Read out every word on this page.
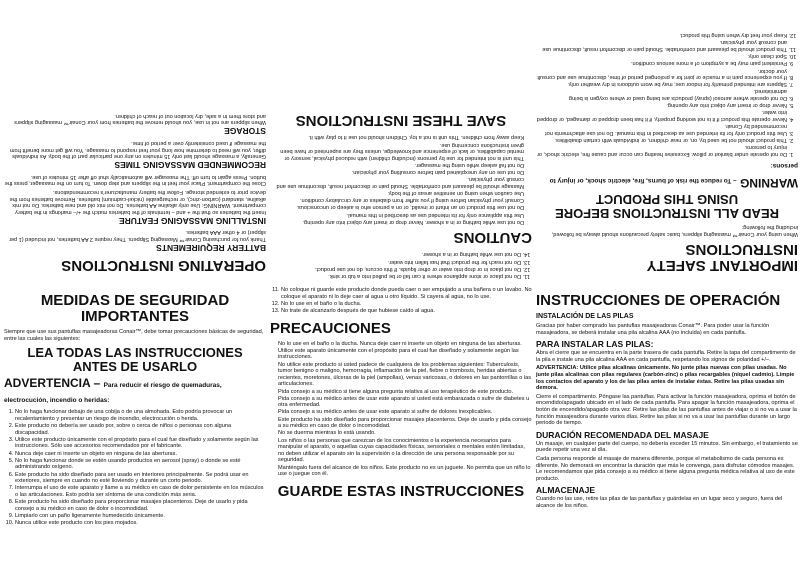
IMPORTANT SAFETY INSTRUCTIONS
When using your Conair™ massaging slippers, basic safety precautions should always be followed, including the following:
READ ALL INSTRUCTIONS BEFORE USING THIS PRODUCT
WARNING – To reduce the risk of burns, fire, electric shock, or injury to persons:
1. Do not operate under blanket or pillow. Excessive heating can occur and cause fire, electric shock, or injury to persons.
2. This product should not be used by, on, or near children, or individuals with certain disabilities.
3. Use this product only for its intended use as described in this manual. Do not use attachments not recommended by Conair.
4. Never operate this product if it is not working properly, if it has been dropped or damaged, or dropped into water.
5. Never drop or insert any object into any opening.
6. Do not operate where aerosol (spray) products are being used or where oxygen is being administered.
7. Slippers are intended primarily for indoor use; may be worn outdoors in dry weather only.
8. If you experience pain in a muscle or joint for a prolonged period of time, discontinue use and consult your doctor.
9. Persistent pain may be a symptom of a more serious condition.
10. Spot clean only.
11. This product should be pleasant and comfortable. Should pain or discomfort result, discontinue use and consult your physician.
12. Keep your feet dry when using this product.
11. Do not place or store appliance where it can fall or be pulled into a tub or sink.
12. Do not place in or drop into water or other liquids. If this occurs, do not use product.
13. Do not reach for the product that has fallen into water.
14. Do not use while bathing or in a shower.
CAUTIONS
• Do not use while bathing or in a shower. Never drop or insert any object into any opening.
• Use this appliance only for its intended use as described in this manual.
• Do not use this product on an infant or invalid, or on a person who is asleep or unconscious.
• Consult your physician before using if you suffer from diabetes or any circulatory condition.
• Use caution when using on sensitive areas of the body.
• Massage should be pleasant and comfortable. Should pain or discomfort result, discontinue use and consult your physician.
• Do not use on any unexplained pain before consulting your physician.
• Do not fall asleep while using the massager.
• This unit is not intended for use by persons (including children) with reduced physical, sensory or mental capabilities, or lack of experience and knowledge, unless they are supervised or have been given instructions concerning use.
• Keep away from children. This unit is not a toy. Children should not use it to play with it.
SAVE THESE INSTRUCTIONS
OPERATING INSTRUCTIONS
BATTERY REQUIREMENTS
Thank you for purchasing Conair™ Massaging Slippers. They require 2 AA batteries, not included (1 per slipper) or 4 other AAA batteries.
INSTALLING MASSAGING FEATURE
Insert the batteries so that the + and – terminals of the batteries match the +/– markings in the battery compartment. WARNING: Use only alkaline AA batteries. Do not mix old and new batteries. Do not mix alkaline, standard (carbon-zinc), or rechargeable (nickel-cadmium) batteries. Remove batteries from the device prior to extended storage. Follow the battery manufacturer's recommendations.
Close the compartment. Place your feet in the slippers and step down. To turn on the massager, press the button. Press again to turn off. The massager will automatically shut off after 15 minutes of use.
RECOMMENDED MASSAGING TIMES
Generally, a massage should last only 15 minutes on any one particular part of the body. As individuals differ, you will need to determine how long your feet respond to massage. You will get more benefit from the massage if used consistently over a period of time.
STORAGE
When slippers are not in use, you should remove the batteries from your Conair™ massaging slippers and store them in a safe, dry location out of reach of children.
MEDIDAS DE SEGURIDAD IMPORTANTES
Siempre que use sus pantuflas masajeadoras Conair™, debe tomar precauciones básicas de seguridad, entre las cuales las siguientes:
LEA TODAS LAS INSTRUCCIONES ANTES DE USARLO
ADVERTENCIA – Para reducir el riesgo de quemaduras, electrocución, incendio o heridas:
1. No lo haga funcionar debajo de una cobija o de una almohada. Esto podría provocar un recalentamiento y presentar un riesgo de incendio, electrocución o herida.
2. Este producto no debería ser usado por, sobre o cerca de niños o personas con alguna discapacidad.
3. Utilice este producto únicamente con el propósito para el cual fue diseñado y solamente según las instrucciones. Sólo use accesorios recomendados por el fabricante.
4. Nunca deje caer ni inserte un objeto en ninguna de las aberturas.
5. No lo haga funcionar donde se estén usando productos en aerosol (spray) o donde se esté administrando oxígeno.
6. Este producto ha sido diseñado para ser usado en interiores principalmente. Se podrá usar en exteriores, siempre en cuando no esté lloviendo y durante un corto periodo.
7. Interrumpa el uso de este aparato y llame a su médico en caso de dolor persistente en los músculos o las articulaciones. Esto podría ser síntoma de una condición más seria.
8. Este producto ha sido diseñado para proporcionar masajes placenteros. Deje de usarlo y pida consejo a su médico en caso de dolor o incomodidad.
9. Limpiarlo con un paño ligeramente humedecido únicamente.
10. Nunca utilice este producto con los pies mojados.
11. No coloque ni guarde este producto donde pueda caer o ser empujado a una bañera o un lavabo. No coloque el aparato ni lo deje caer al agua u otro líquido. Si cayera al agua, no lo use.
12. No lo use en el baño o la ducha.
13. No trate de alcanzarlo después de que hubiese caído al agua.
PRECAUCIONES
• No lo use en el baño o la ducha. Nunca deje caer ni inserte un objeto en ninguna de las aberturas.
• Utilice este aparato únicamente con el propósito para el cual fue diseñado y solamente según las instrucciones.
• No utilice este producto si usted padece de cualquiera de los problemas siguientes: Tuberculosis, tumor benigno o maligno, hemorragia, inflamación de la piel, fiebre o trombosis, heridas abiertas o recientes, moretones, úlceras de la piel (ampollas), venas varicosas, o dolores en las pantorrillas o las articulaciones.
• Pida consejo a su médico si tiene alguna pregunta relativa al uso terapéutico de este producto.
• Pida consejo a su médico antes de usar este aparato si usted está embarazada o sufre de diabetes u otra enfermedad.
• Pida consejo a su médico antes de usar este aparato si sufre de dolores inexplicables.
• Este producto ha sido diseñado para proporcionar masajes placenteros. Deje de usarlo y pida consejo a su médico en caso de dolor o incomodidad.
• No se duerma mientras lo está usando.
• Los niños o las personas que carezcan de los conocimientos o la experiencia necesarios para manipular el aparato, o aquellas cuyas capacidades físicas, sensoriales o mentales estén limitadas, no deben utilizar el aparato sin la supervisión o la dirección de una persona responsable por su seguridad.
• Manténgalo fuera del alcance de los niños. Este producto no es un juguete. No permita que un niño lo use o juegue con él.
GUARDE ESTAS INSTRUCCIONES
INSTRUCCIONES DE OPERACIÓN
INSTALACIÓN DE LAS PILAS
Gracias por haber comprado las pantuflas masajeadoras Conair™. Para poder usar la función masajeadora, se deberá instalar una pila alcalina AAA (no incluida) en cada pantufla.
PARA INSTALAR LAS PILAS:
Abra el cierre que se encuentra en la parte trasera de cada pantufla. Retire la tapa del compartimento de la pila e instale una pila alcalina AAA en cada pantufla, respetando los signos de polaridad +/–.
ADVERTENCIA: Utilice pilas alcalinas únicamente. No junte pilas nuevas con pilas usadas. No junte pilas alcalinas con pilas regulares (carbón-zinc) o pilas recargables (níquel cadmio). Limpie los contactos del aparato y los de las pilas antes de instalar éstas. Retire las pilas usadas sin demora.
Cierre el compartimento. Póngase las pantuflas. Para activar la función masajeadora, oprima el botón de encendido/apagado ubicado en el lado de cada pantufla. Para apagar la función masajeadora, oprima el botón de encendido/apagado otra vez. Retire las pilas de las pantuflas antes de viajar o si no va a usar la función masajeadora durante varios días. Retire las pilas si no va a usar las pantuflas durante un largo periodo de tiempo.
DURACIÓN RECOMENDADA DEL MASAJE
Un masaje, en cualquier parte del cuerpo, no debería exceder 15 minutos. Sin embargo, el tratamiento se puede repetir una vez al día.
Cada persona responde al masaje de manera diferente, porque el metabolismo de cada persona es diferente. No demorará en encontrar la duración que más le convenga, para disfrutar cómodos masajes. Le recomendamos que pida consejo a su médico si tiene alguna pregunta médica relativa al uso de este producto.
ALMACENAJE
Cuando no las use, retire las pilas de las pantuflas y guárdelas en un lugar seco y seguro, fuera del alcance de los niños.
